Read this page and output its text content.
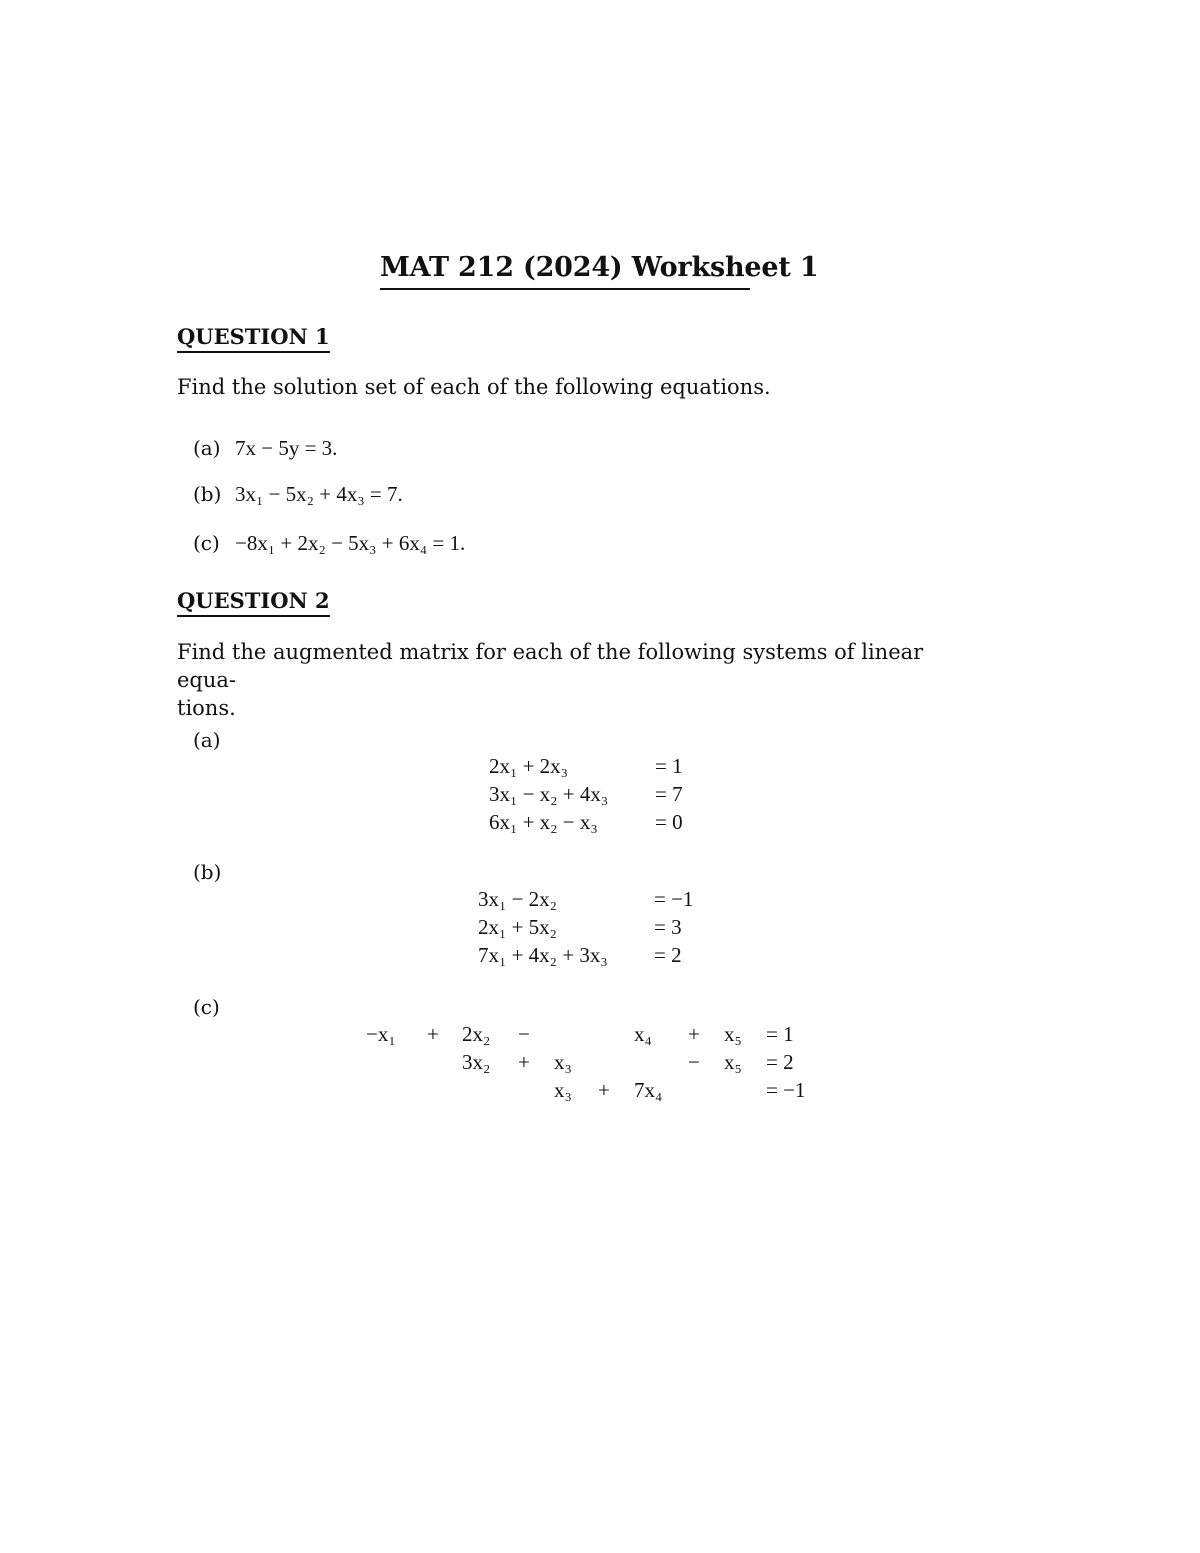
MAT 212 (2024) Worksheet 1
QUESTION 1
Find the solution set of each of the following equations.
(a) 7x − 5y = 3.
(b) 3x₁ − 5x₂ + 4x₃ = 7.
(c) −8x₁ + 2x₂ − 5x₃ + 6x₄ = 1.
QUESTION 2
Find the augmented matrix for each of the following systems of linear equa-
tions.
(a)
2x₁ + 2x₃	= 1
3x₁ − x₂ + 4x₃ = 7
6x₁ + x₂ − x₃	= 0
(b)
3x₁ − 2x₂	= −1
2x₁ + 5x₂	= 3
7x₁ + 4x₂ + 3x₃ = 2
(c)
−x₁ + 2x₂ −	x₄ + x₅ = 1
3x₂ + x₃	− x₅ = 2
x₃ + 7x₄	= −1
